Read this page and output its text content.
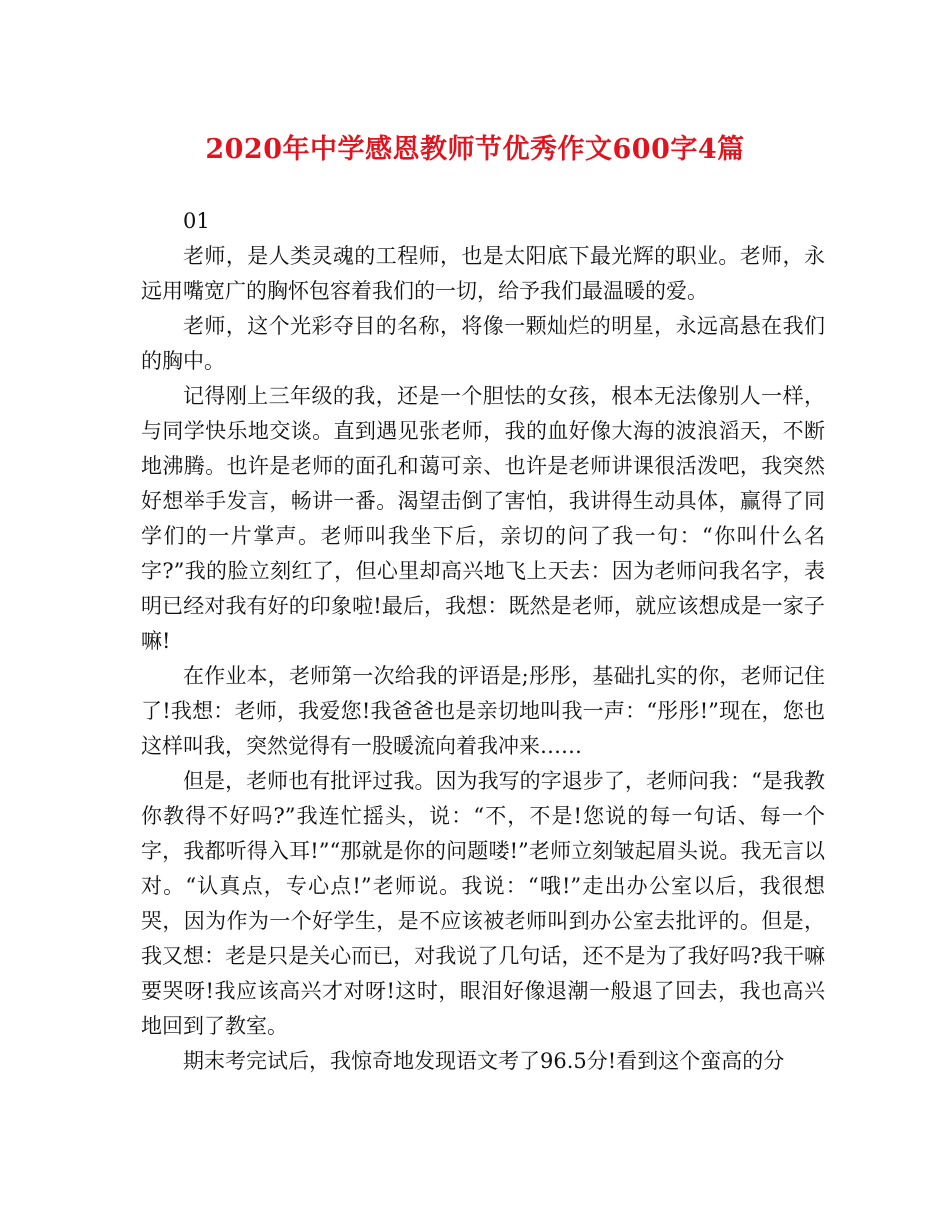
2020年中学感恩教师节优秀作文600字4篇

01

老师，是人类灵魂的工程师，也是太阳底下最光辉的职业。老师，永远用嘴宽广的胸怀包容着我们的一切，给予我们最温暖的爱。

老师，这个光彩夺目的名称，将像一颗灿烂的明星，永远高悬在我们的胸中。

记得刚上三年级的我，还是一个胆怯的女孩，根本无法像别人一样，与同学快乐地交谈。直到遇见张老师，我的血好像大海的波浪滔天，不断地沸腾。也许是老师的面孔和蔼可亲、也许是老师讲课很活泼吧，我突然好想举手发言，畅讲一番。渴望击倒了害怕，我讲得生动具体，赢得了同学们的一片掌声。老师叫我坐下后，亲切的问了我一句：“你叫什么名字?”我的脸立刻红了，但心里却高兴地飞上天去：因为老师问我名字，表明已经对我有好的印象啦!最后，我想：既然是老师，就应该想成是一家子嘛!

在作业本，老师第一次给我的评语是;彤彤，基础扎实的你，老师记住了!我想：老师，我爱您!我爸爸也是亲切地叫我一声：“彤彤!”现在，您也这样叫我，突然觉得有一股暖流向着我冲来……

但是，老师也有批评过我。因为我写的字退步了，老师问我：“是我教你教得不好吗?”我连忙摇头，说：“不，不是!您说的每一句话、每一个字，我都听得入耳!”“那就是你的问题喽!”老师立刻皱起眉头说。我无言以对。“认真点，专心点!”老师说。我说：“哦!”走出办公室以后，我很想哭，因为作为一个好学生，是不应该被老师叫到办公室去批评的。但是，我又想：老是只是关心而已，对我说了几句话，还不是为了我好吗?我干嘛要哭呀!我应该高兴才对呀!这时，眼泪好像退潮一般退了回去，我也高兴地回到了教室。

期末考完试后，我惊奇地发现语文考了96.5分!看到这个蛮高的分
